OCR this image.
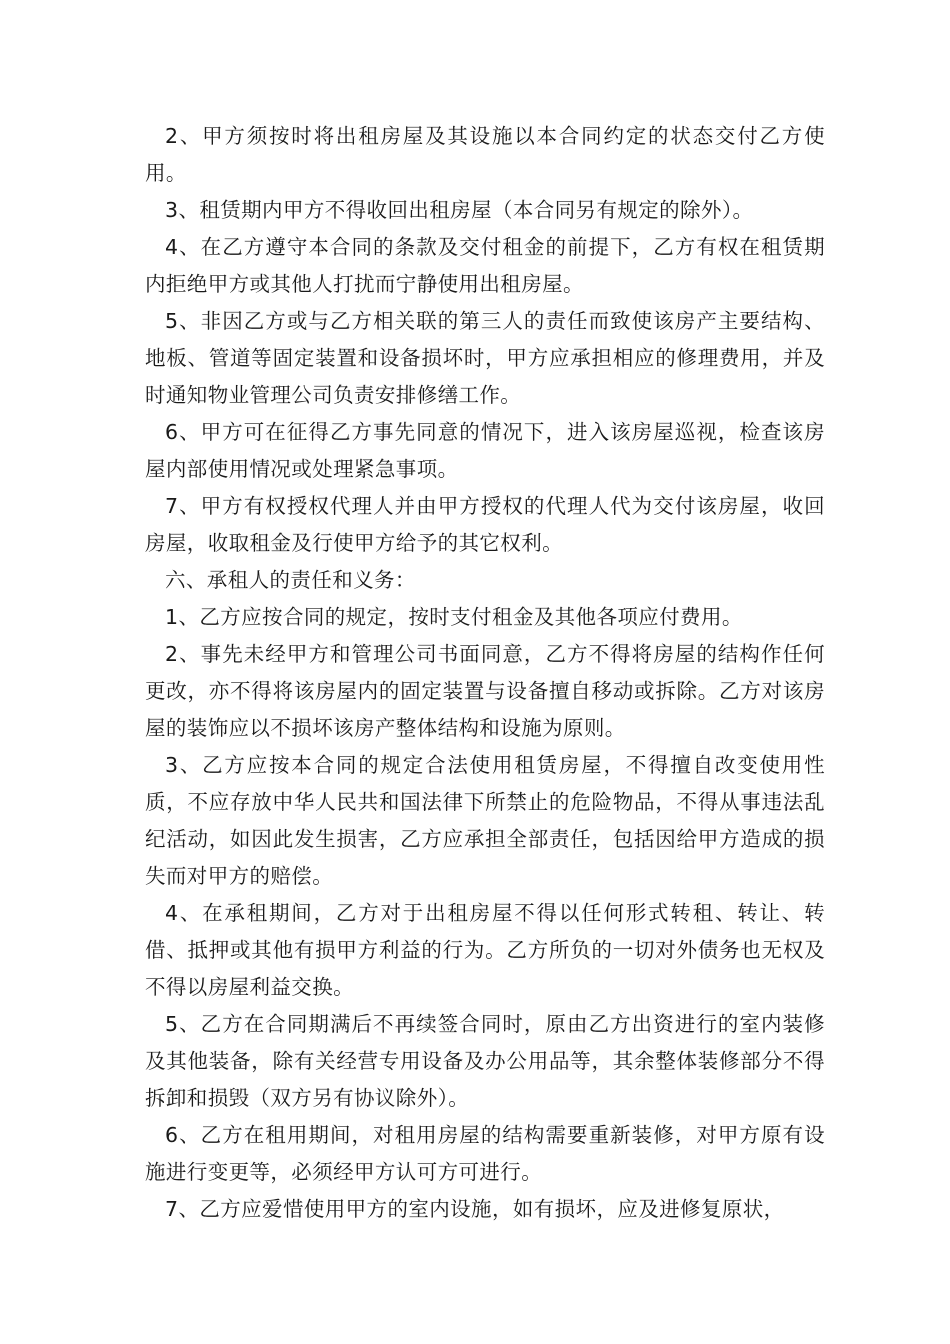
2、甲方须按时将出租房屋及其设施以本合同约定的状态交付乙方使用。

3、租赁期内甲方不得收回出租房屋（本合同另有规定的除外）。

4、在乙方遵守本合同的条款及交付租金的前提下，乙方有权在租赁期内拒绝甲方或其他人打扰而宁静使用出租房屋。

5、非因乙方或与乙方相关联的第三人的责任而致使该房产主要结构、地板、管道等固定装置和设备损坏时，甲方应承担相应的修理费用，并及时通知物业管理公司负责安排修缮工作。

6、甲方可在征得乙方事先同意的情况下，进入该房屋巡视，检查该房屋内部使用情况或处理紧急事项。

7、甲方有权授权代理人并由甲方授权的代理人代为交付该房屋，收回房屋，收取租金及行使甲方给予的其它权利。

六、承租人的责任和义务：

1、乙方应按合同的规定，按时支付租金及其他各项应付费用。

2、事先未经甲方和管理公司书面同意，乙方不得将房屋的结构作任何更改，亦不得将该房屋内的固定装置与设备擅自移动或拆除。乙方对该房屋的装饰应以不损坏该房产整体结构和设施为原则。

3、乙方应按本合同的规定合法使用租赁房屋，不得擅自改变使用性质，不应存放中华人民共和国法律下所禁止的危险物品，不得从事违法乱纪活动，如因此发生损害，乙方应承担全部责任，包括因给甲方造成的损失而对甲方的赔偿。

4、在承租期间，乙方对于出租房屋不得以任何形式转租、转让、转借、抵押或其他有损甲方利益的行为。乙方所负的一切对外债务也无权及不得以房屋利益交换。

5、乙方在合同期满后不再续签合同时，原由乙方出资进行的室内装修及其他装备，除有关经营专用设备及办公用品等，其余整体装修部分不得拆卸和损毁（双方另有协议除外）。

6、乙方在租用期间，对租用房屋的结构需要重新装修，对甲方原有设施进行变更等，必须经甲方认可方可进行。

7、乙方应爱惜使用甲方的室内设施，如有损坏，应及进修复原状，
